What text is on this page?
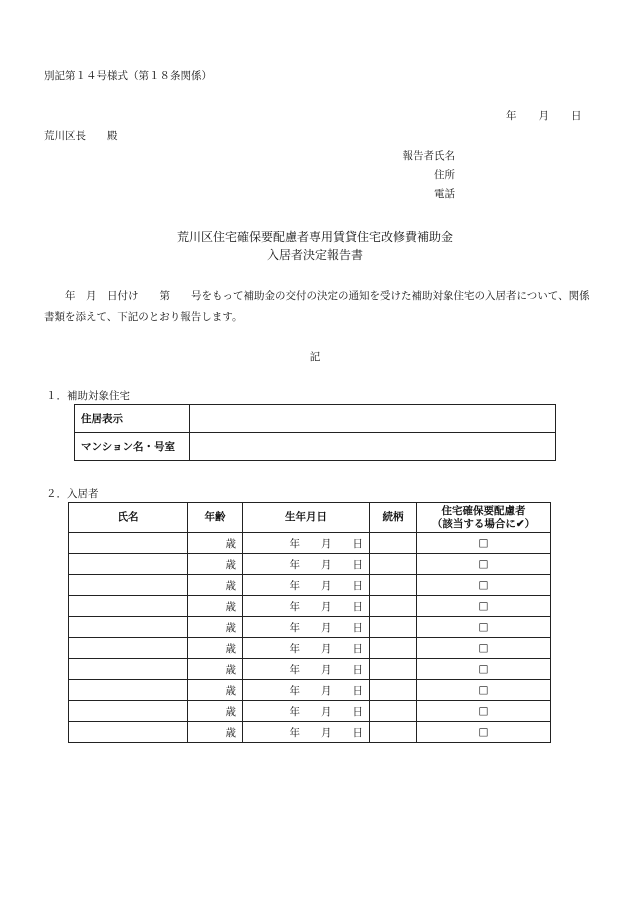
別記第１４号様式（第１８条関係）
年 月 日
荒川区長　　殿
報告者氏名
住所
電話
荒川区住宅確保要配慮者専用賃貸住宅改修費補助金
入居者決定報告書
　　年　月　日付け　　第　　号をもって補助金の交付の決定の通知を受けた補助対象住宅の入居者について、関係書類を添えて、下記のとおり報告します。
記
１．補助対象住宅
住居表示	
マンション名・号室	
２．入居者
氏名	年齢	生年月日	続柄	住宅確保要配慮者
（該当する場合に✔）

	歳	年　　月　　日		□
	歳	年　　月　　日		□
	歳	年　　月　　日		□
	歳	年　　月　　日		□
	歳	年　　月　　日		□
	歳	年　　月　　日		□
	歳	年　　月　　日		□
	歳	年　　月　　日		□
	歳	年　　月　　日		□
	歳	年　　月　　日		□
